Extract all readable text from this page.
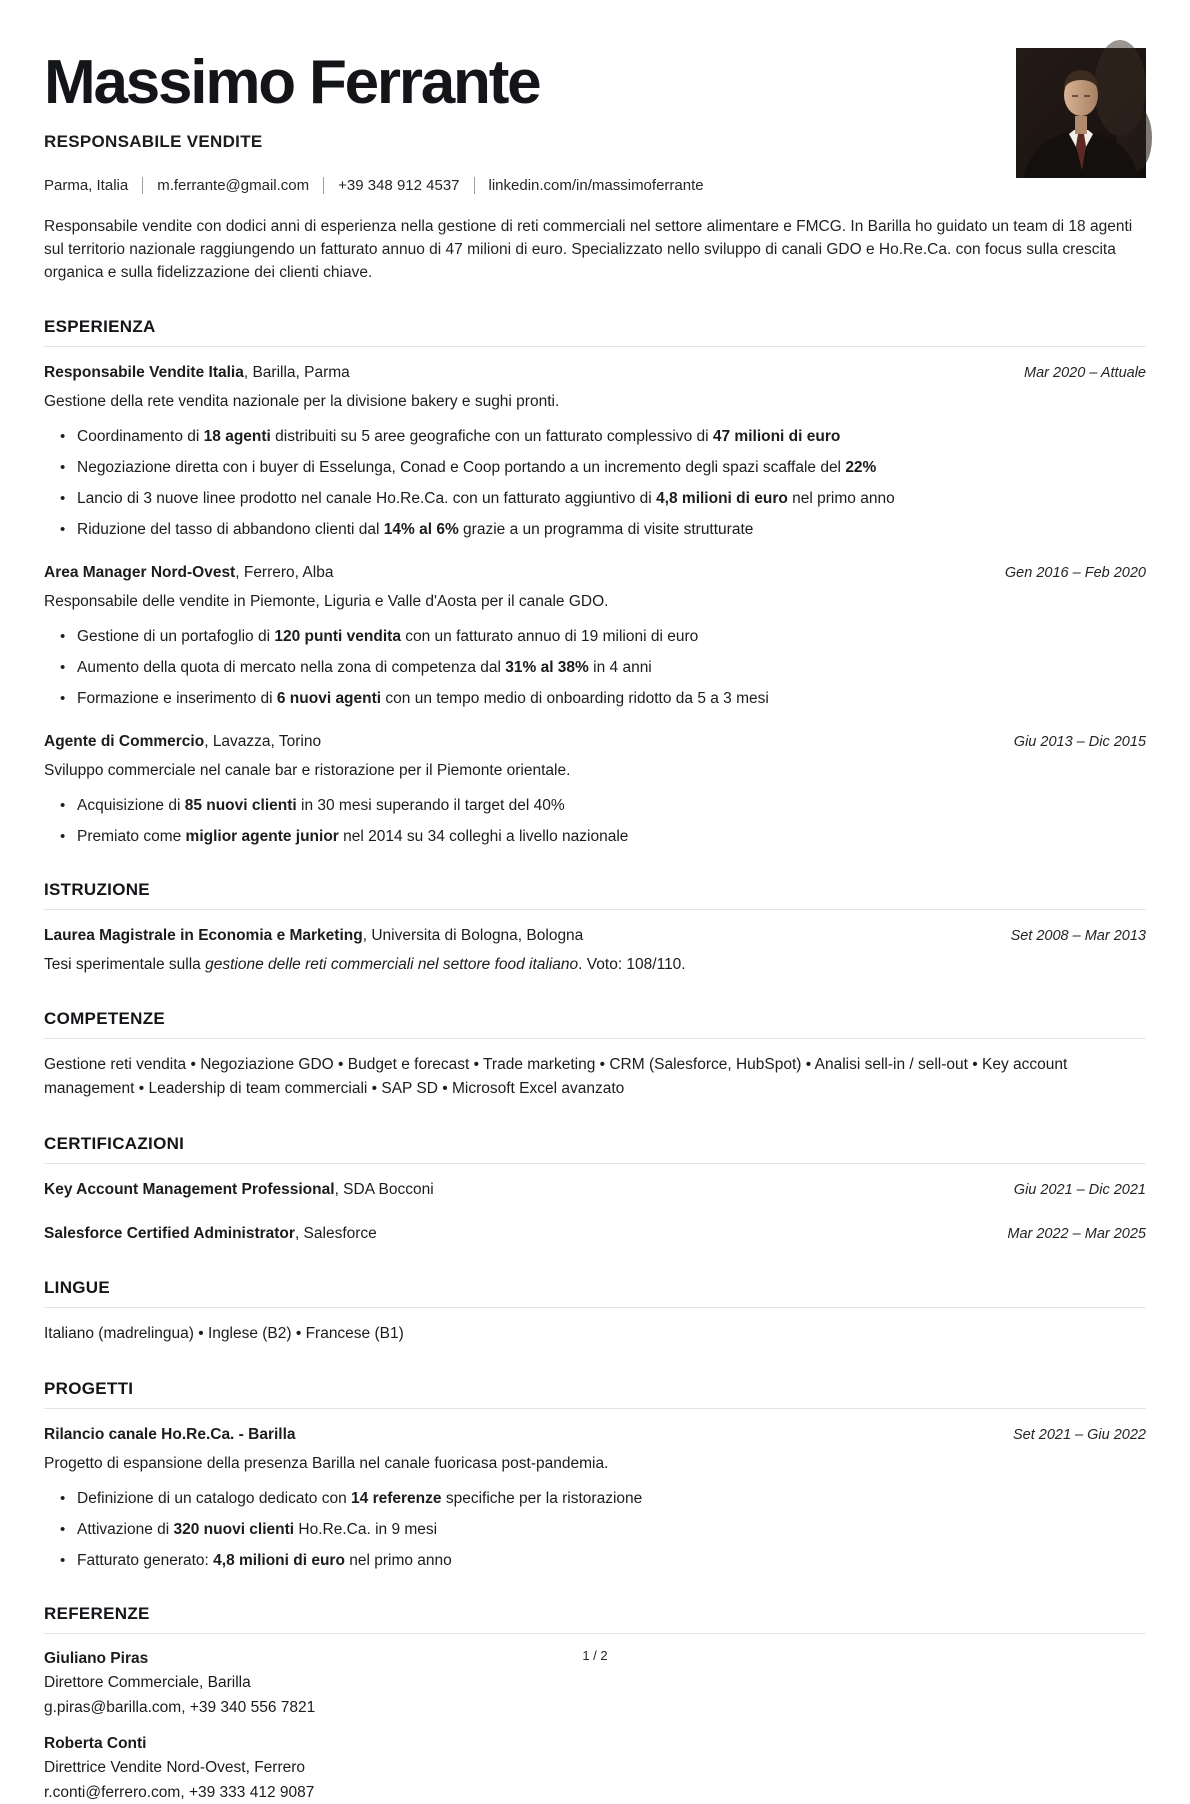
Massimo Ferrante
RESPONSABILE VENDITE
Parma, Italia m.ferrante@gmail.com +39 348 912 4537 linkedin.com/in/massimoferrante

Responsabile vendite con dodici anni di esperienza nella gestione di reti commerciali nel settore alimentare e FMCG. In Barilla ho guidato un team di 18 agenti sul territorio nazionale raggiungendo un fatturato annuo di 47 milioni di euro. Specializzato nello sviluppo di canali GDO e Ho.Re.Ca. con focus sulla crescita organica e sulla fidelizzazione dei clienti chiave.

ESPERIENZA
Responsabile Vendite Italia, Barilla, Parma	Mar 2020 – Attuale

Gestione della rete vendita nazionale per la divisione bakery e sughi pronti.

• Coordinamento di 18 agenti distribuiti su 5 aree geografiche con un fatturato complessivo di 47 milioni di euro
• Negoziazione diretta con i buyer di Esselunga, Conad e Coop portando a un incremento degli spazi scaffale del 22%
• Lancio di 3 nuove linee prodotto nel canale Ho.Re.Ca. con un fatturato aggiuntivo di 4,8 milioni di euro nel primo anno
• Riduzione del tasso di abbandono clienti dal 14% al 6% grazie a un programma di visite strutturate
Area Manager Nord-Ovest, Ferrero, Alba	Gen 2016 – Feb 2020

Responsabile delle vendite in Piemonte, Liguria e Valle d'Aosta per il canale GDO.

• Gestione di un portafoglio di 120 punti vendita con un fatturato annuo di 19 milioni di euro
• Aumento della quota di mercato nella zona di competenza dal 31% al 38% in 4 anni
• Formazione e inserimento di 6 nuovi agenti con un tempo medio di onboarding ridotto da 5 a 3 mesi
Agente di Commercio, Lavazza, Torino	Giu 2013 – Dic 2015

Sviluppo commerciale nel canale bar e ristorazione per il Piemonte orientale.

• Acquisizione di 85 nuovi clienti in 30 mesi superando il target del 40%
• Premiato come miglior agente junior nel 2014 su 34 colleghi a livello nazionale
ISTRUZIONE
Laurea Magistrale in Economia e Marketing, Universita di Bologna, Bologna	Set 2008 – Mar 2013

Tesi sperimentale sulla gestione delle reti commerciali nel settore food italiano. Voto: 108/110.

COMPETENZE

Gestione reti vendita • Negoziazione GDO • Budget e forecast • Trade marketing • CRM (Salesforce, HubSpot) • Analisi sell-in / sell-out • Key account management • Leadership di team commerciali • SAP SD • Microsoft Excel avanzato

CERTIFICAZIONI
Key Account Management Professional, SDA Bocconi	Giu 2021 – Dic 2021
Salesforce Certified Administrator, Salesforce	Mar 2022 – Mar 2025
LINGUE

Italiano (madrelingua) • Inglese (B2) • Francese (B1)

PROGETTI
Rilancio canale Ho.Re.Ca. - Barilla	Set 2021 – Giu 2022

Progetto di espansione della presenza Barilla nel canale fuoricasa post-pandemia.

• Definizione di un catalogo dedicato con 14 referenze specifiche per la ristorazione
• Attivazione di 320 nuovi clienti Ho.Re.Ca. in 9 mesi
• Fatturato generato: 4,8 milioni di euro nel primo anno
REFERENZE
Giuliano Piras
Direttore Commerciale, Barilla
g.piras@barilla.com, +39 340 556 7821
Roberta Conti
Direttrice Vendite Nord-Ovest, Ferrero
r.conti@ferrero.com, +39 333 412 9087
1 / 2
